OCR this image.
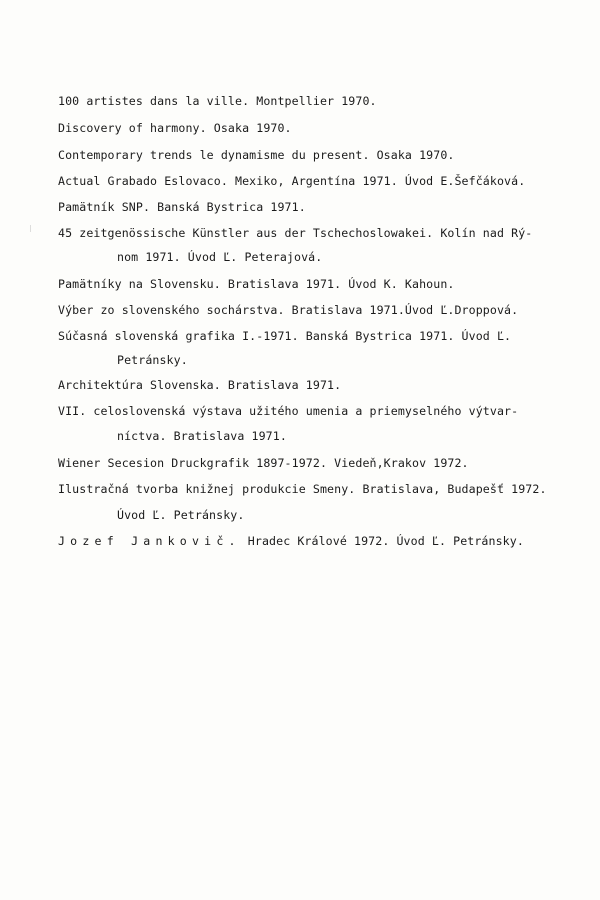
100 artistes dans la ville. Montpellier 1970.
Discovery of harmony. Osaka 1970.
Contemporary trends le dynamisme du present. Osaka 1970.
Actual Grabado Eslovaco. Mexiko, Argentína 1971. Úvod E.Šefčáková.
Pamätník SNP. Banská Bystrica 1971.
45 zeitgenössische Künstler aus der Tschechoslowakei. Kolín nad Rý-
nom 1971. Úvod Ľ. Peterajová.
Pamätníky na Slovensku. Bratislava 1971. Úvod K. Kahoun.
Výber zo slovenského sochárstva. Bratislava 1971.Úvod Ľ.Droppová.
Súčasná slovenská grafika I.-1971. Banská Bystrica 1971. Úvod Ľ.
Petránsky.
Architektúra Slovenska. Bratislava 1971.
VII. celoslovenská výstava užitého umenia a priemyselného výtvar-
níctva. Bratislava 1971.
Wiener Secesion Druckgrafik 1897-1972. Viedeň,Krakov 1972.
Ilustračná tvorba knižnej produkcie Smeny. Bratislava, Budapešť 1972.
Úvod Ľ. Petránsky.
Jozef Jankovič. Hradec Králové 1972. Úvod Ľ. Petránsky.
